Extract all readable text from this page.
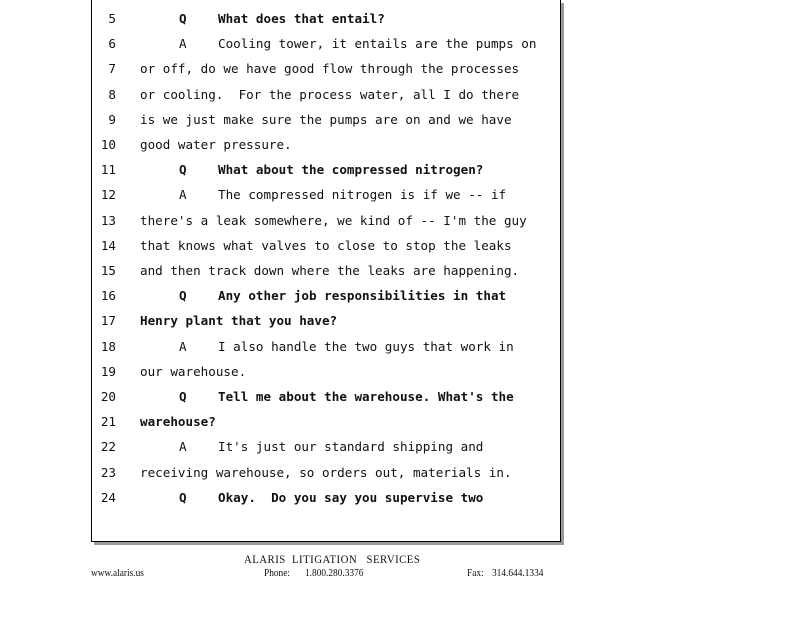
5	Q What does that entail?
6	A Cooling tower, it entails are the pumps on
7 or off, do we have good flow through the processes
8 or cooling.  For the process water, all I do there
9 is we just make sure the pumps are on and we have
10 good water pressure.
11	Q What about the compressed nitrogen?
12	A The compressed nitrogen is if we -- if
13 there's a leak somewhere, we kind of -- I'm the guy
14 that knows what valves to close to stop the leaks
15 and then track down where the leaks are happening.
16	Q Any other job responsibilities in that
17 Henry plant that you have?
18	A I also handle the two guys that work in
19 our warehouse.
20	Q Tell me about the warehouse. What's the
21 warehouse?
22	A It's just our standard shipping and
23 receiving warehouse, so orders out, materials in.
24	Q Okay.  Do you say you supervise two
ALARIS  LITIGATION   SERVICES
www.alaris.us	Phone: 1.800.280.3376	Fax: 314.644.1334
